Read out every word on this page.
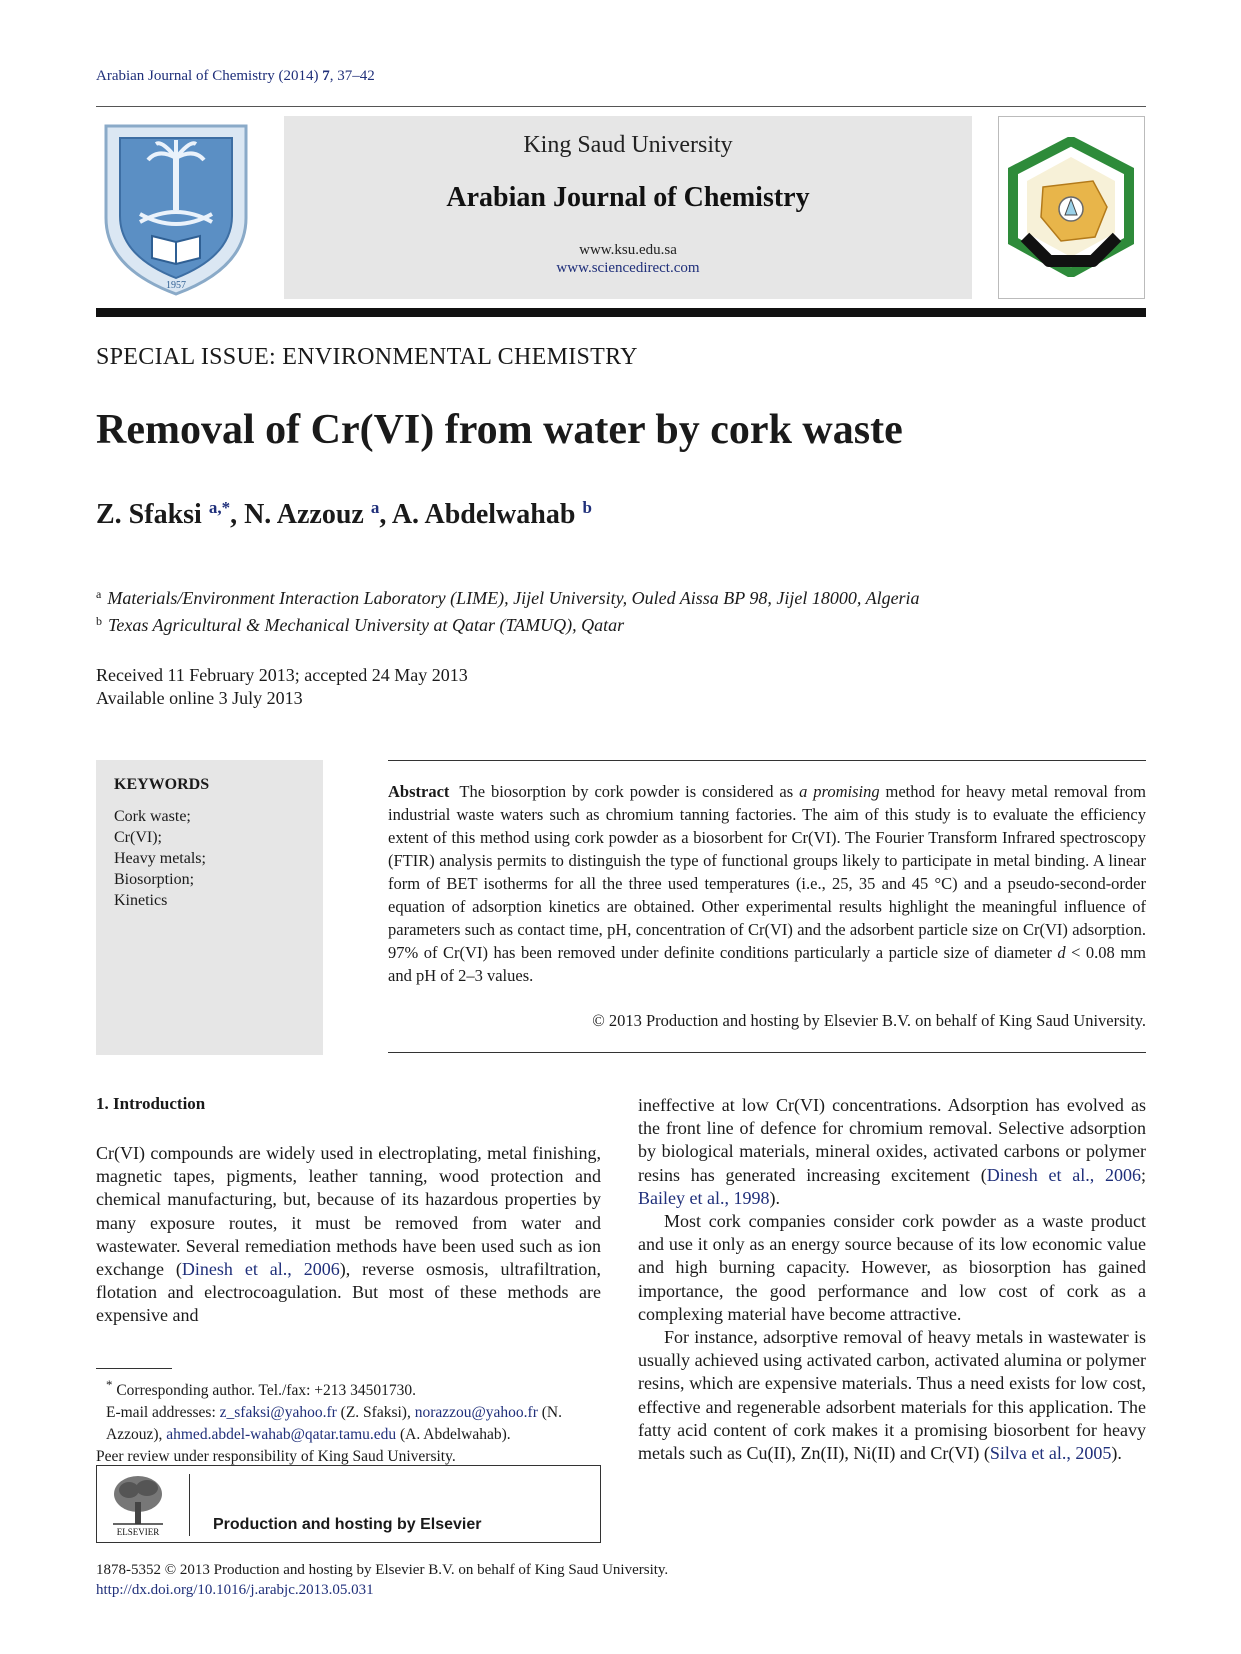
Arabian Journal of Chemistry (2014) 7, 37–42
1957
King Saud University
Arabian Journal of Chemistry
www.ksu.edu.sa
www.sciencedirect.com
SPECIAL ISSUE: ENVIRONMENTAL CHEMISTRY
Removal of Cr(VI) from water by cork waste
Z. Sfaksi $^{a,*}$, N. Azzouz $^a$, A. Abdelwahab $^b$
$^a$ Materials/Environment Interaction Laboratory (LIME), Jijel University, Ouled Aissa BP 98, Jijel 18000, Algeria
$^b$ Texas Agricultural & Mechanical University at Qatar (TAMUQ), Qatar
Received 11 February 2013; accepted 24 May 2013
Available online 3 July 2013
KEYWORDS
Cork waste;
Cr(VI);
Heavy metals;
Biosorption;
Kinetics
Abstract The biosorption by cork powder is considered as a promising method for heavy metal removal from industrial waste waters such as chromium tanning factories. The aim of this study is to evaluate the efficiency extent of this method using cork powder as a biosorbent for Cr(VI). The Fourier Transform Infrared spectroscopy (FTIR) analysis permits to distinguish the type of functional groups likely to participate in metal binding. A linear form of BET isotherms for all the three used temperatures (i.e., 25, 35 and 45 °C) and a pseudo-second-order equation of adsorption kinetics are obtained. Other experimental results highlight the meaningful influence of parameters such as contact time, pH, concentration of Cr(VI) and the adsorbent particle size on Cr(VI) adsorption. 97% of Cr(VI) has been removed under definite conditions particularly a particle size of diameter d < 0.08 mm and pH of 2–3 values.
© 2013 Production and hosting by Elsevier B.V. on behalf of King Saud University.
1. Introduction

Cr(VI) compounds are widely used in electroplating, metal finishing, magnetic tapes, pigments, leather tanning, wood protection and chemical manufacturing, but, because of its hazardous properties by many exposure routes, it must be removed from water and wastewater. Several remediation methods have been used such as ion exchange (Dinesh et al., 2006), reverse osmosis, ultrafiltration, flotation and electrocoagulation. But most of these methods are expensive and

ineffective at low Cr(VI) concentrations. Adsorption has evolved as the front line of defence for chromium removal. Selective adsorption by biological materials, mineral oxides, activated carbons or polymer resins has generated increasing excitement (Dinesh et al., 2006; Bailey et al., 1998).

Most cork companies consider cork powder as a waste product and use it only as an energy source because of its low economic value and high burning capacity. However, as biosorption has gained importance, the good performance and low cost of cork as a complexing material have become attractive.

For instance, adsorptive removal of heavy metals in wastewater is usually achieved using activated carbon, activated alumina or polymer resins, which are expensive materials. Thus a need exists for low cost, effective and regenerable adsorbent materials for this application. The fatty acid content of cork makes it a promising biosorbent for heavy metals such as Cu(II), Zn(II), Ni(II) and Cr(VI) (Silva et al., 2005).

* Corresponding author. Tel./fax: +213 34501730.
E-mail addresses: z_sfaksi@yahoo.fr (Z. Sfaksi), norazzou@yahoo.fr (N. Azzouz), ahmed.abdel-wahab@qatar.tamu.edu (A. Abdelwahab).
Peer review under responsibility of King Saud University.
ELSEVIER	Production and hosting by Elsevier
1878-5352 © 2013 Production and hosting by Elsevier B.V. on behalf of King Saud University.
http://dx.doi.org/10.1016/j.arabjc.2013.05.031
